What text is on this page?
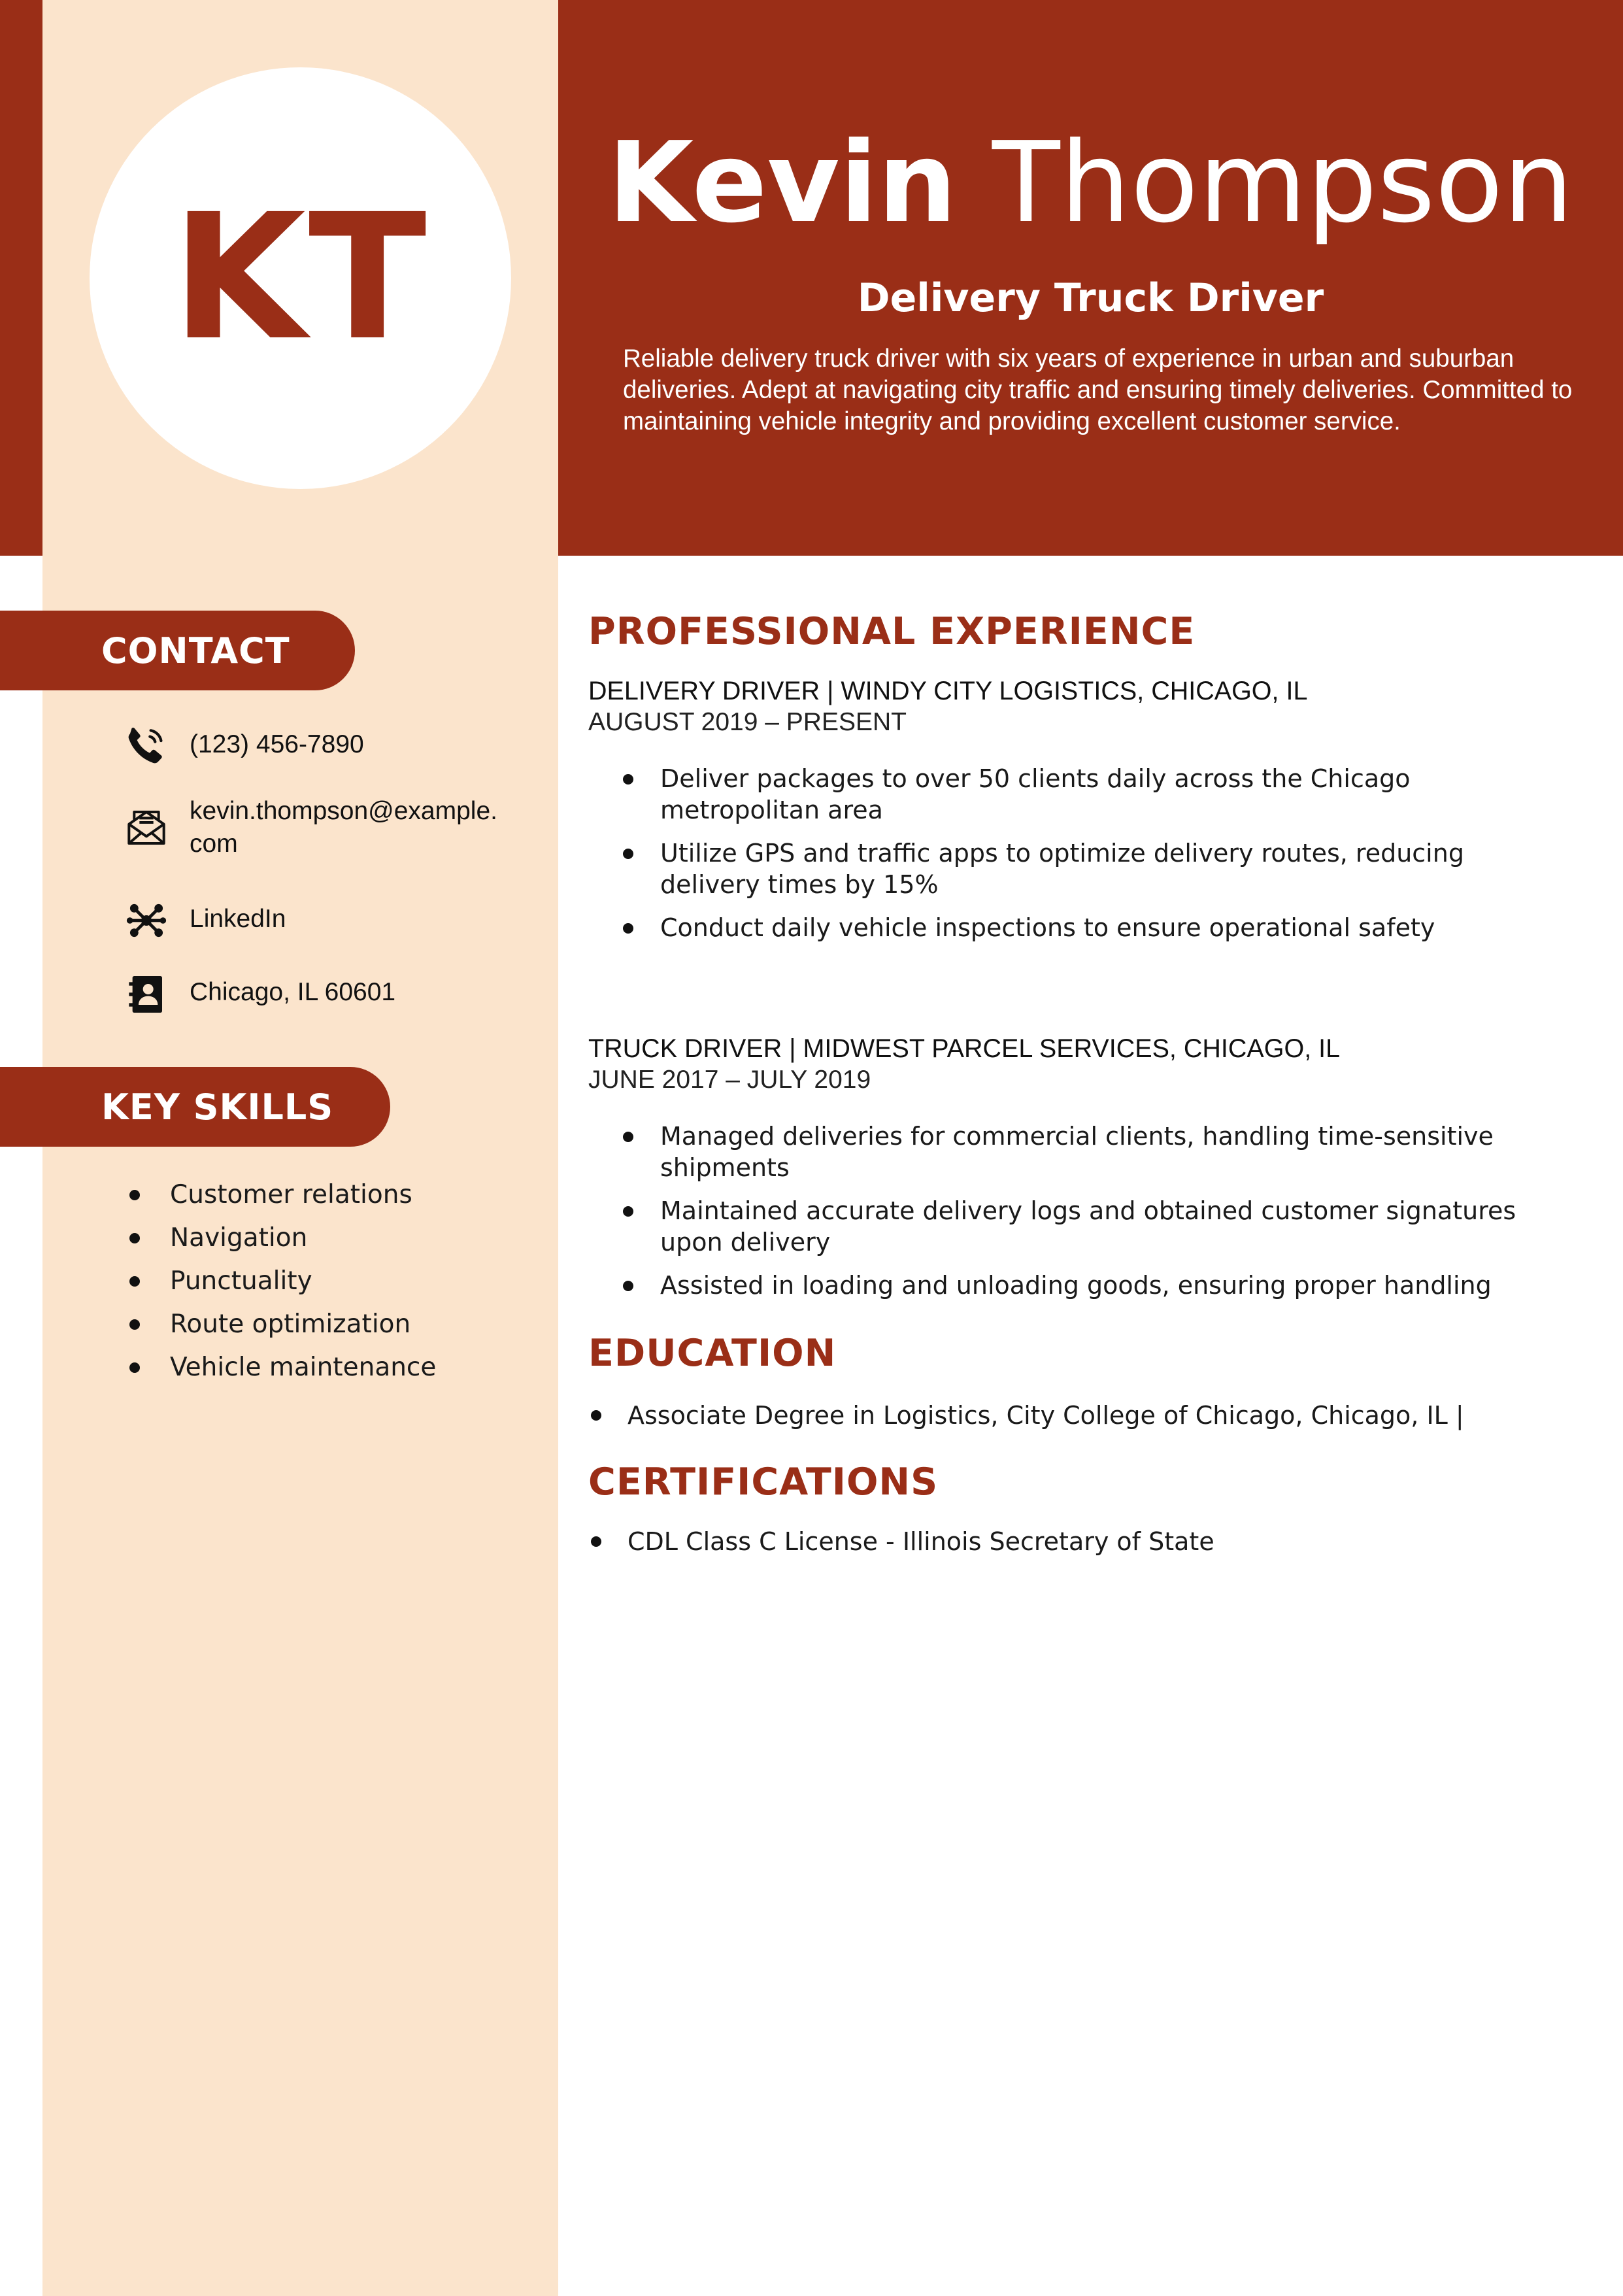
KT	Kevin Thompson
Delivery Truck Driver
Reliable delivery truck driver with six years of experience in urban and suburban deliveries. Adept at navigating city traffic and ensuring timely deliveries. Committed to maintaining vehicle integrity and providing excellent customer service.
CONTACT
(123) 456-7890
kevin.thompson@example.com
LinkedIn
Chicago, IL 60601
KEY SKILLS
Customer relations
Navigation
Punctuality
Route optimization
Vehicle maintenance
PROFESSIONAL EXPERIENCE
DELIVERY DRIVER | WINDY CITY LOGISTICS, CHICAGO, IL
AUGUST 2019 – PRESENT
Deliver packages to over 50 clients daily across the Chicago metropolitan area
Utilize GPS and traffic apps to optimize delivery routes, reducing delivery times by 15%
Conduct daily vehicle inspections to ensure operational safety
TRUCK DRIVER | MIDWEST PARCEL SERVICES, CHICAGO, IL
JUNE 2017 – JULY 2019
Managed deliveries for commercial clients, handling time-sensitive shipments
Maintained accurate delivery logs and obtained customer signatures upon delivery
Assisted in loading and unloading goods, ensuring proper handling
EDUCATION
Associate Degree in Logistics, City College of Chicago, Chicago, IL |
CERTIFICATIONS
CDL Class C License - Illinois Secretary of State
